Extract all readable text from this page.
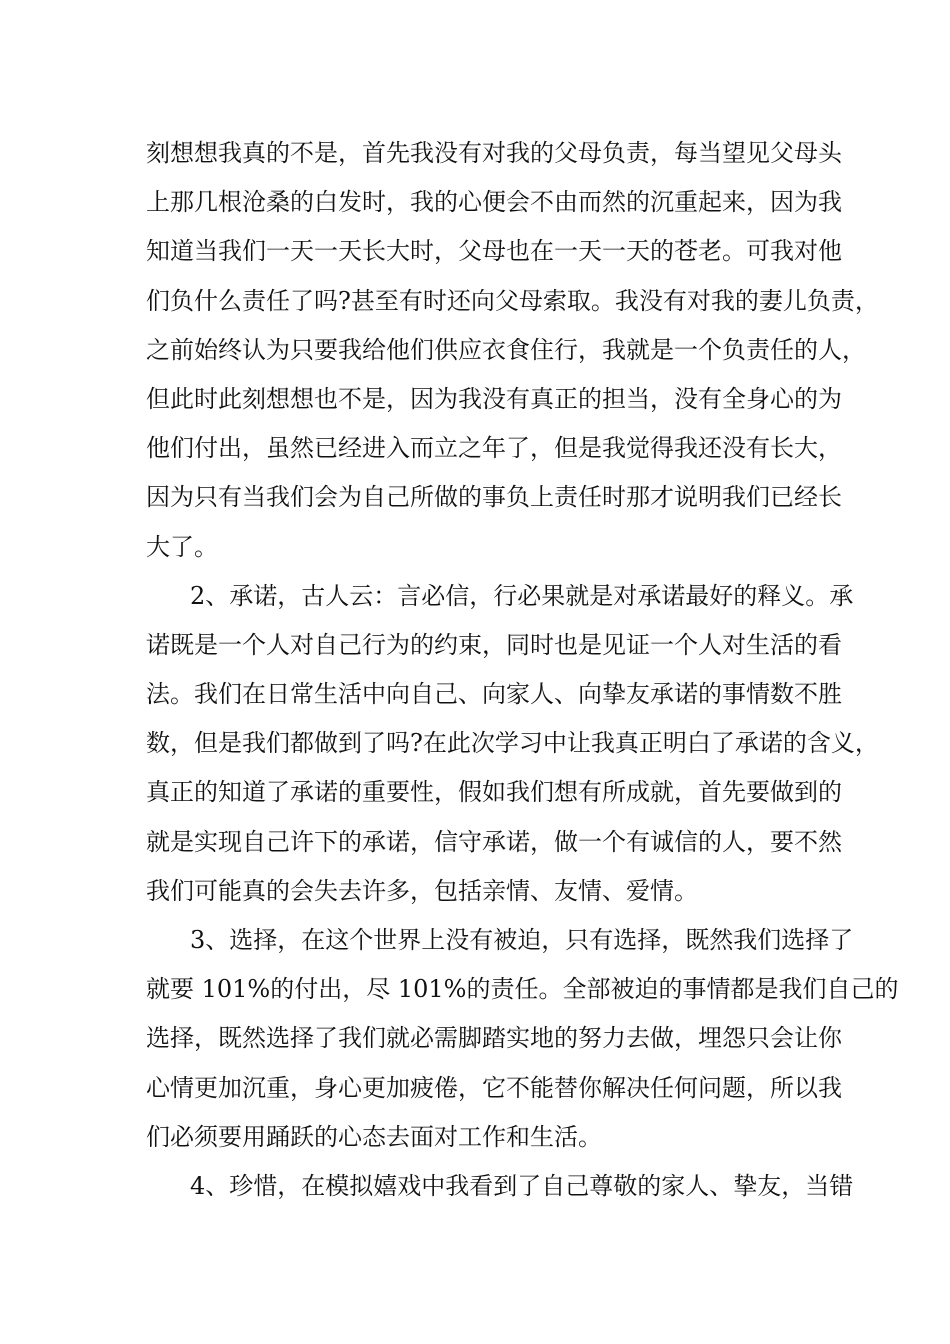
刻想想我真的不是，首先我没有对我的父母负责，每当望见父母头
上那几根沧桑的白发时，我的心便会不由而然的沉重起来，因为我
知道当我们一天一天长大时，父母也在一天一天的苍老。可我对他
们负什么责任了吗?甚至有时还向父母索取。我没有对我的妻儿负责，
之前始终认为只要我给他们供应衣食住行，我就是一个负责任的人，
但此时此刻想想也不是，因为我没有真正的担当，没有全身心的为
他们付出，虽然已经进入而立之年了，但是我觉得我还没有长大，
因为只有当我们会为自己所做的事负上责任时那才说明我们已经长
大了。
2、承诺，古人云：言必信，行必果就是对承诺最好的释义。承
诺既是一个人对自己行为的约束，同时也是见证一个人对生活的看
法。我们在日常生活中向自己、向家人、向挚友承诺的事情数不胜
数，但是我们都做到了吗?在此次学习中让我真正明白了承诺的含义，
真正的知道了承诺的重要性，假如我们想有所成就，首先要做到的
就是实现自己许下的承诺，信守承诺，做一个有诚信的人，要不然
我们可能真的会失去许多，包括亲情、友情、爱情。
3、选择，在这个世界上没有被迫，只有选择，既然我们选择了
就要 101%的付出，尽 101%的责任。全部被迫的事情都是我们自己的
选择，既然选择了我们就必需脚踏实地的努力去做，埋怨只会让你
心情更加沉重，身心更加疲倦，它不能替你解决任何问题，所以我
们必须要用踊跃的心态去面对工作和生活。
4、珍惜，在模拟嬉戏中我看到了自己尊敬的家人、挚友，当错
